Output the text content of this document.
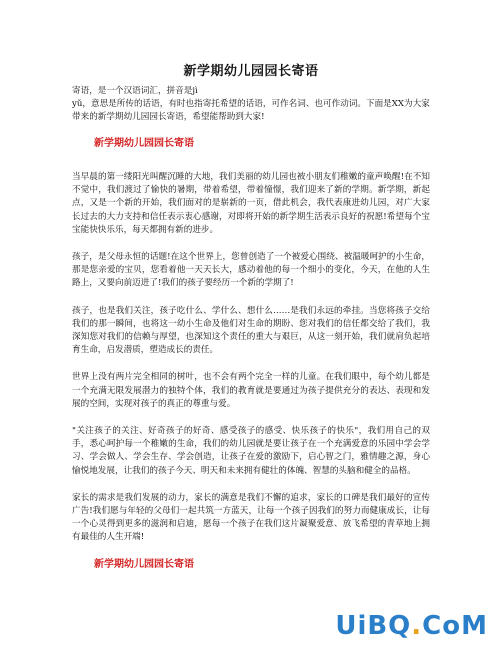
新学期幼儿园园长寄语

寄语，是一个汉语词汇，拼音是jì

yǔ，意思是所传的话语，有时也指寄托希望的话语，可作名词、也可作动词。下面是XX为大家带来的新学期幼儿园园长寄语，希望能帮助到大家!

新学期幼儿园园长寄语

当早晨的第一缕阳光叫醒沉睡的大地，我们美丽的幼儿园也被小朋友们稚嫩的童声唤醒!在不知不觉中，我们渡过了愉快的暑期，带着希望，带着憧憬，我们迎来了新的学期。新学期，新起点，又是一个新的开始，我们面对的是崭新的一页，借此机会，我代表康进幼儿园，对广大家长过去的大力支持和信任表示衷心感谢，对即将开始的新学期生活表示良好的祝愿!希望每个宝宝能快快乐乐，每天都拥有新的进步。

孩子，是父母永恒的话题!在这个世界上，您曾创造了一个被爱心围绕、被温暖呵护的小生命，那是您亲爱的宝贝，您看着他一天天长大，感动着他的每一个细小的变化，今天，在他的人生路上，又要向前迈进了!我们的孩子要经历一个新的学期了!

孩子，也是我们关注，孩子吃什么、学什么、想什么……是我们永远的牵挂。当您将孩子交给我们的那一瞬间，也将这一幼小生命及他们对生命的期盼、您对我们的信任都交给了我们，我深知您对我们的信赖与厚望，也深知这个责任的重大与艰巨，从这一刻开始，我们就肩负起培育生命，启发潜质，塑造成长的责任。

世界上没有两片完全相同的树叶，也不会有两个完全一样的儿童。在我们眼中，每个幼儿都是一个充满无限发展潜力的独特个体，我们的教育就是要通过为孩子提供充分的表达、表现和发展的空间，实现对孩子的真正的尊重与爱。

"关注孩子的关注、好奇孩子的好奇、感受孩子的感受、快乐孩子的快乐"，我们用自己的双手，悉心呵护每一个稚嫩的生命，我们的幼儿园就是要让孩子在一个充满爱意的乐园中学会学习、学会做人、学会生存、学会创造，让孩子在爱的激励下，启心智之门，雅情趣之源，身心愉悦地发展，让我们的孩子今天、明天和未来拥有健壮的体魄、智慧的头脑和健全的品格。

家长的需求是我们发展的动力，家长的满意是我们不懈的追求，家长的口碑是我们最好的宣传广告!我们愿与年轻的父母们一起共筑一方蓝天，让每一个孩子因我们的努力而健康成长，让每一个心灵得到更多的滋润和启迪，愿每一个孩子在我们这片凝聚爱意、放飞希望的青草地上拥有最佳的人生开端!

新学期幼儿园园长寄语
UiBQ.CoM
